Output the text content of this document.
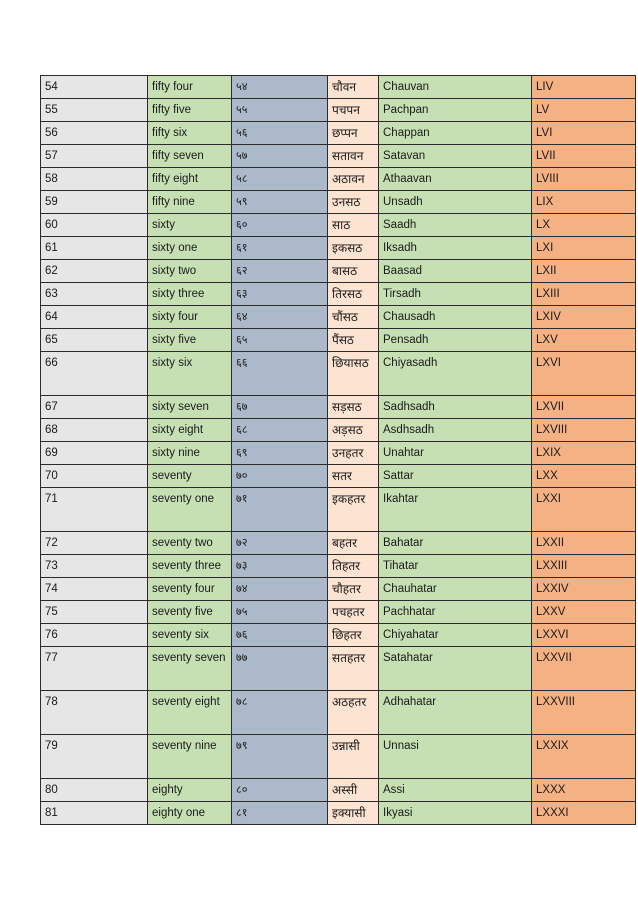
54	fifty four	५४	चौवन	Chauvan	LIV
55	fifty five	५५	पचपन	Pachpan	LV
56	fifty six	५६	छप्पन	Chappan	LVI
57	fifty seven	५७	सतावन	Satavan	LVII
58	fifty eight	५८	अठावन	Athaavan	LVIII
59	fifty nine	५९	उनसठ	Unsadh	LIX
60	sixty	६०	साठ	Saadh	LX
61	sixty one	६१	इकसठ	Iksadh	LXI
62	sixty two	६२	बासठ	Baasad	LXII
63	sixty three	६३	तिरसठ	Tirsadh	LXIII
64	sixty four	६४	चौंसठ	Chausadh	LXIV
65	sixty five	६५	पैंसठ	Pensadh	LXV
66	sixty six	६६	छियासठ	Chiyasadh	LXVI
67	sixty seven	६७	सड़सठ	Sadhsadh	LXVII
68	sixty eight	६८	अड़सठ	Asdhsadh	LXVIII
69	sixty nine	६९	उनहतर	Unahtar	LXIX
70	seventy	७०	सतर	Sattar	LXX
71	seventy one	७१	इकहतर	Ikahtar	LXXI
72	seventy two	७२	बहतर	Bahatar	LXXII
73	seventy three	७३	तिहतर	Tihatar	LXXIII
74	seventy four	७४	चौहतर	Chauhatar	LXXIV
75	seventy five	७५	पचहतर	Pachhatar	LXXV
76	seventy six	७६	छिहतर	Chiyahatar	LXXVI
77	seventy seven	७७	सतहतर	Satahatar	LXXVII
78	seventy eight	७८	अठहतर	Adhahatar	LXXVIII
79	seventy nine	७९	उन्नासी	Unnasi	LXXIX
80	eighty	८०	अस्सी	Assi	LXXX
81	eighty one	८१	इक्यासी	Ikyasi	LXXXI
